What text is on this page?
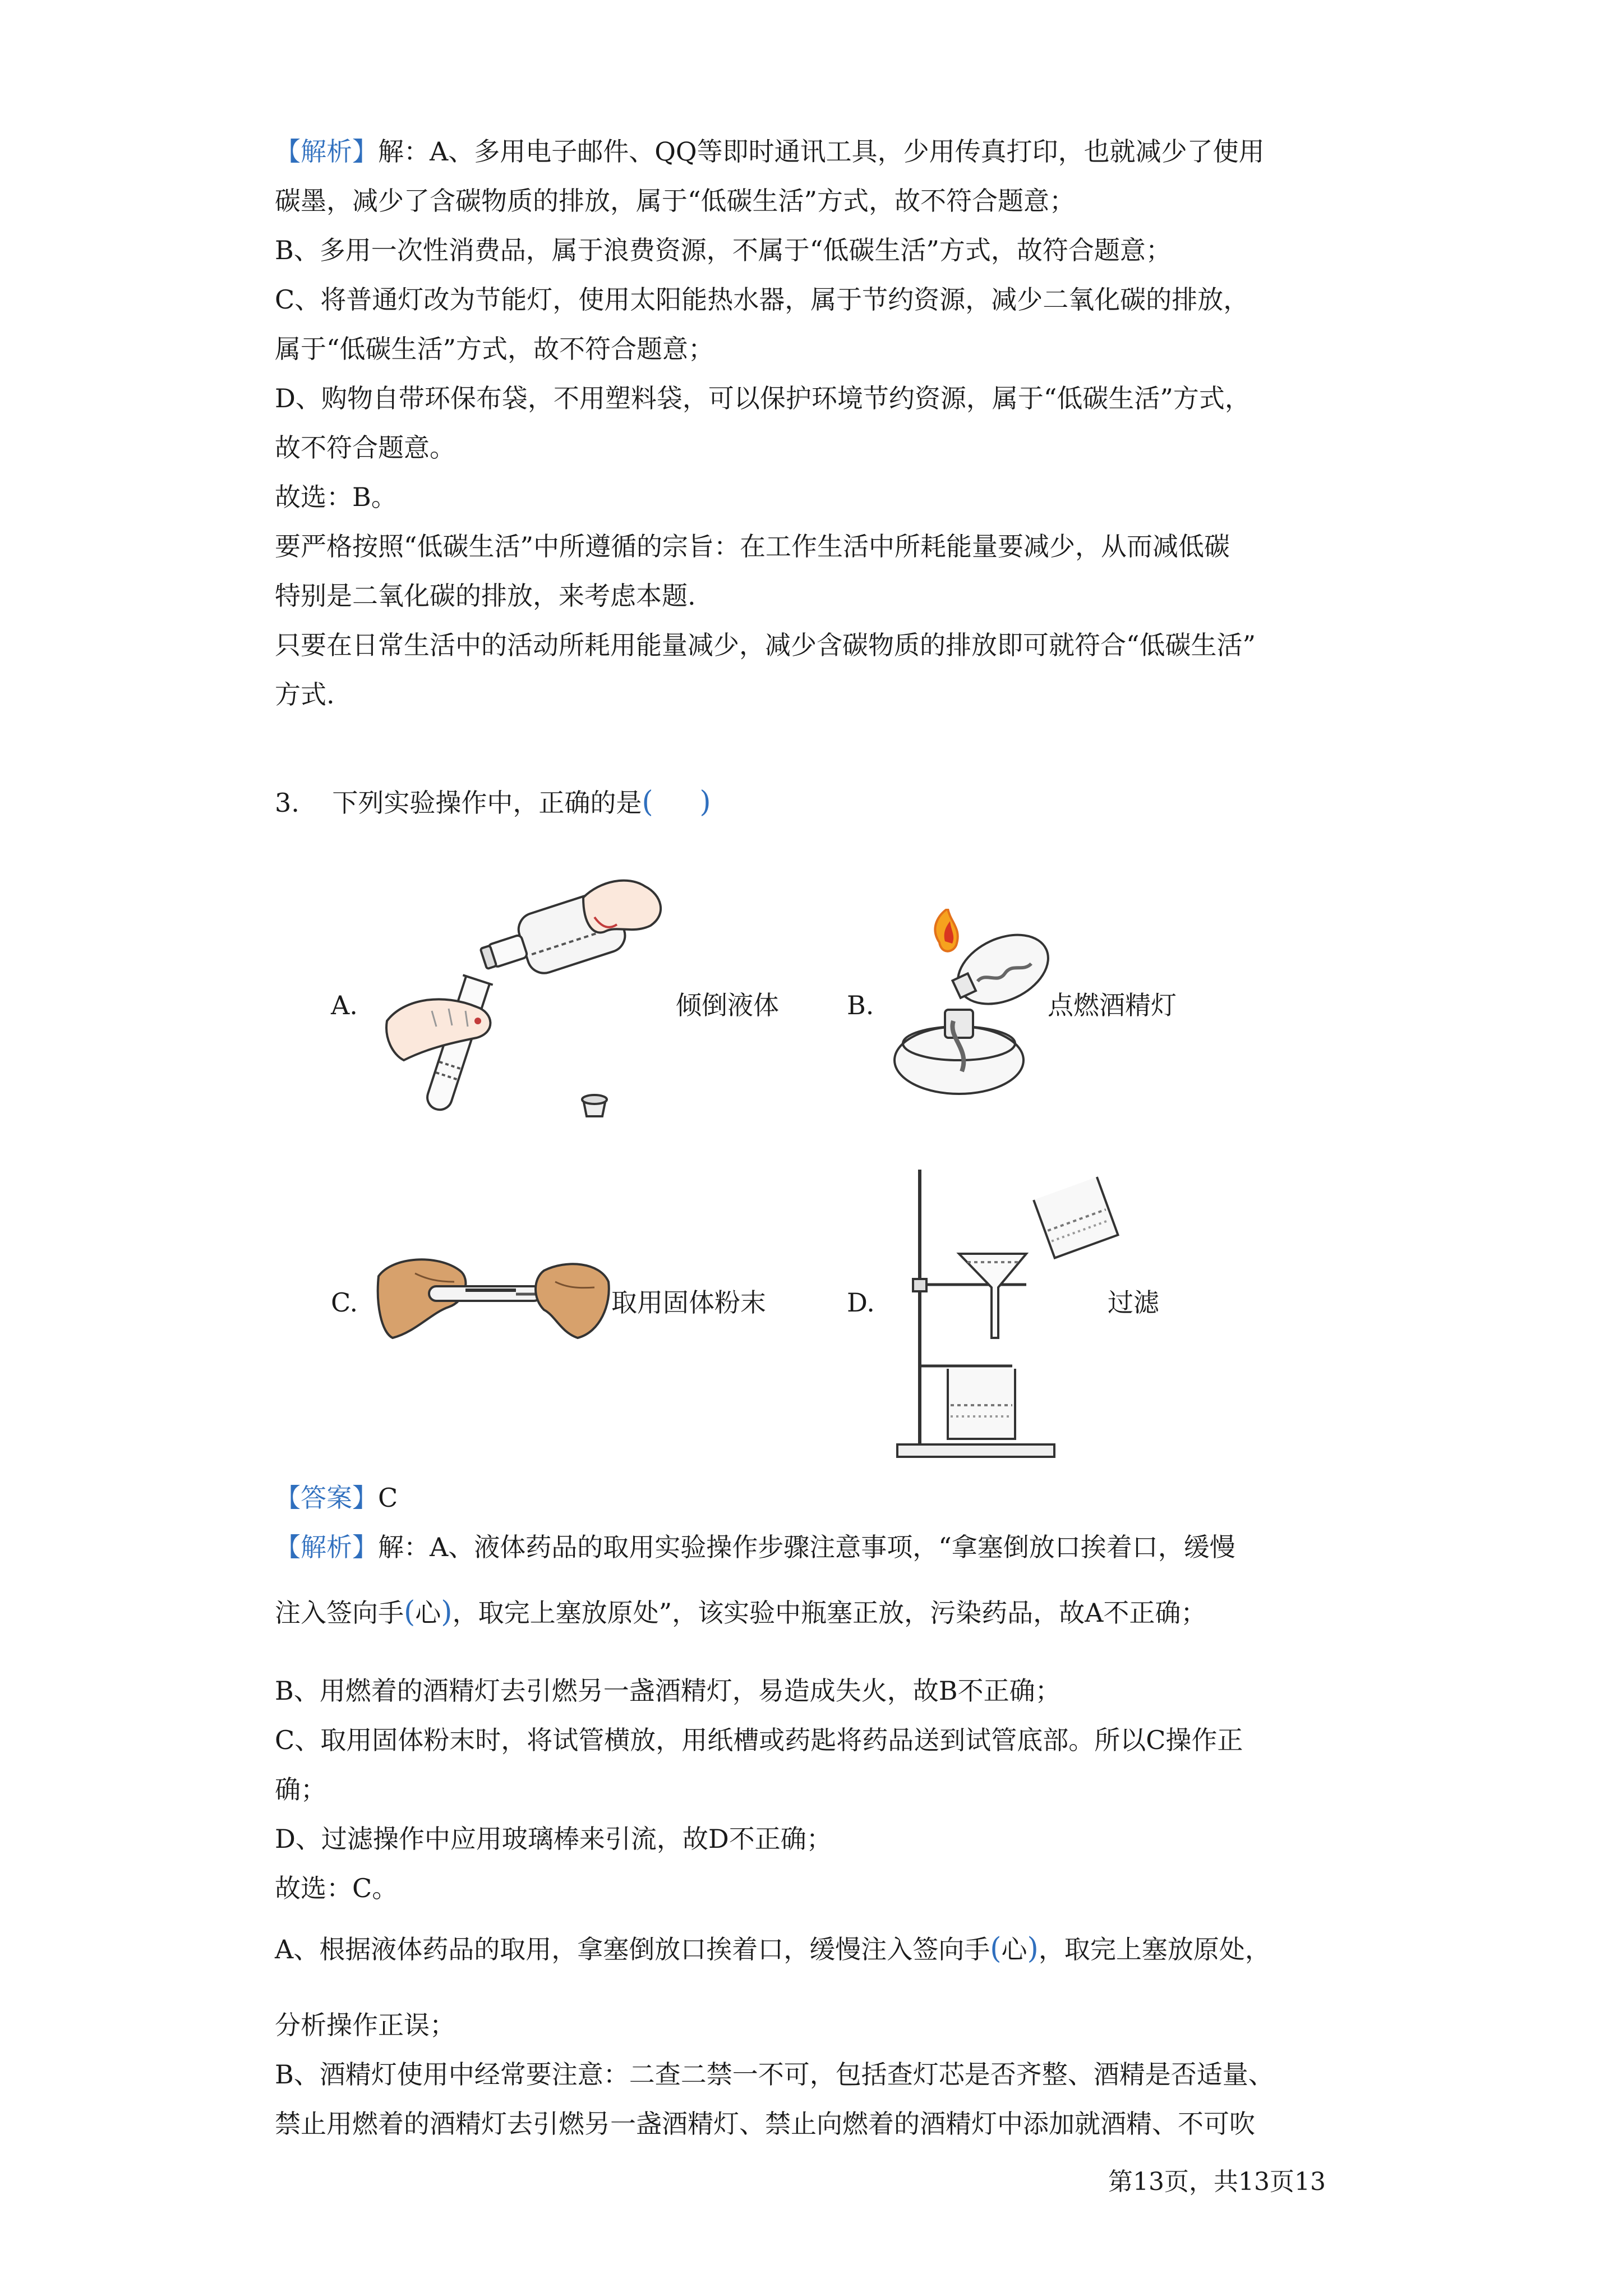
【解析】解：A、多用电子邮件、QQ等即时通讯工具，少用传真打印，也就减少了使用
碳墨，减少了含碳物质的排放，属于“低碳生活”方式，故不符合题意；
B、多用一次性消费品，属于浪费资源，不属于“低碳生活”方式，故符合题意；
C、将普通灯改为节能灯，使用太阳能热水器，属于节约资源，减少二氧化碳的排放，
属于“低碳生活”方式，故不符合题意；
D、购物自带环保布袋，不用塑料袋，可以保护环境节约资源，属于“低碳生活”方式，
故不符合题意。
故选：B。
要严格按照“低碳生活”中所遵循的宗旨：在工作生活中所耗能量要减少，从而减低碳
特别是二氧化碳的排放，来考虑本题.
只要在日常生活中的活动所耗用能量减少，减少含碳物质的排放即可就符合“低碳生活”
方式.
3. 下列实验操作中，正确的是(     )
A.	倾倒液体	B.	点燃酒精灯
C.	取用固体粉末	D.	过滤
【答案】C
【解析】解：A、液体药品的取用实验操作步骤注意事项，“拿塞倒放口挨着口，缓慢
注入签向手(心)，取完上塞放原处”，该实验中瓶塞正放，污染药品，故A不正确；
B、用燃着的酒精灯去引燃另一盏酒精灯，易造成失火，故B不正确；
C、取用固体粉末时，将试管横放，用纸槽或药匙将药品送到试管底部。所以C操作正
确；
D、过滤操作中应用玻璃棒来引流，故D不正确；
故选：C。
A、根据液体药品的取用，拿塞倒放口挨着口，缓慢注入签向手(心)，取完上塞放原处，
分析操作正误；
B、酒精灯使用中经常要注意：二查二禁一不可，包括查灯芯是否齐整、酒精是否适量、
禁止用燃着的酒精灯去引燃另一盏酒精灯、禁止向燃着的酒精灯中添加就酒精、不可吹
第13页，共13页13
